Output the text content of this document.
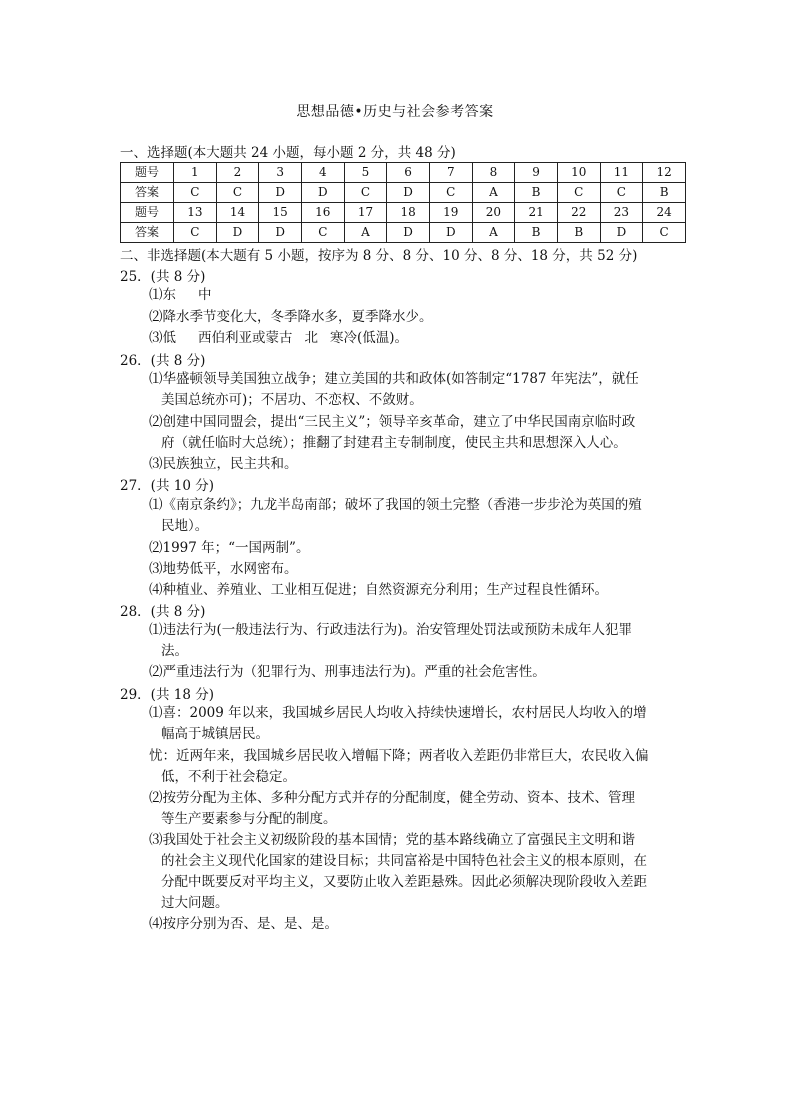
思想品德•历史与社会参考答案
一、选择题(本大题共 24 小题，每小题 2 分，共 48 分)
题号	1	2	3	4	5	6	7	8	9	10	11	12
答案	C	C	D	D	C	D	C	A	B	C	C	B
题号	13	14	15	16	17	18	19	20	21	22	23	24
答案	C	D	D	C	A	D	D	A	B	B	D	C
二、非选择题(本大题有 5 小题，按序为 8 分、8 分、10 分、8 分、18 分，共 52 分)
25．(共 8 分)
⑴东 中
⑵降水季节变化大，冬季降水多，夏季降水少。
⑶低 西伯利亚或蒙古 北 寒冷(低温)。
26．(共 8 分)
⑴华盛顿领导美国独立战争；建立美国的共和政体(如答制定“1787 年宪法”，就任
美国总统亦可)；不居功、不恋权、不敛财。
⑵创建中国同盟会，提出“三民主义”；领导辛亥革命，建立了中华民国南京临时政
府（就任临时大总统）；推翻了封建君主专制制度，使民主共和思想深入人心。
⑶民族独立，民主共和。
27．(共 10 分)
⑴《南京条约》；九龙半岛南部；破坏了我国的领土完整（香港一步步沦为英国的殖
民地）。
⑵1997 年；“一国两制”。
⑶地势低平，水网密布。
⑷种植业、养殖业、工业相互促进；自然资源充分利用；生产过程良性循环。
28．(共 8 分)
⑴违法行为(一般违法行为、行政违法行为)。治安管理处罚法或预防未成年人犯罪
法。
⑵严重违法行为（犯罪行为、刑事违法行为)。严重的社会危害性。
29．(共 18 分)
⑴喜：2009 年以来，我国城乡居民人均收入持续快速增长，农村居民人均收入的增
幅高于城镇居民。
忧：近两年来，我国城乡居民收入增幅下降；两者收入差距仍非常巨大，农民收入偏
低，不利于社会稳定。
⑵按劳分配为主体、多种分配方式并存的分配制度，健全劳动、资本、技术、管理
等生产要素参与分配的制度。
⑶我国处于社会主义初级阶段的基本国情；党的基本路线确立了富强民主文明和谐
的社会主义现代化国家的建设目标；共同富裕是中国特色社会主义的根本原则，在
分配中既要反对平均主义，又要防止收入差距悬殊。因此必须解决现阶段收入差距
过大问题。
⑷按序分别为否、是、是、是。
